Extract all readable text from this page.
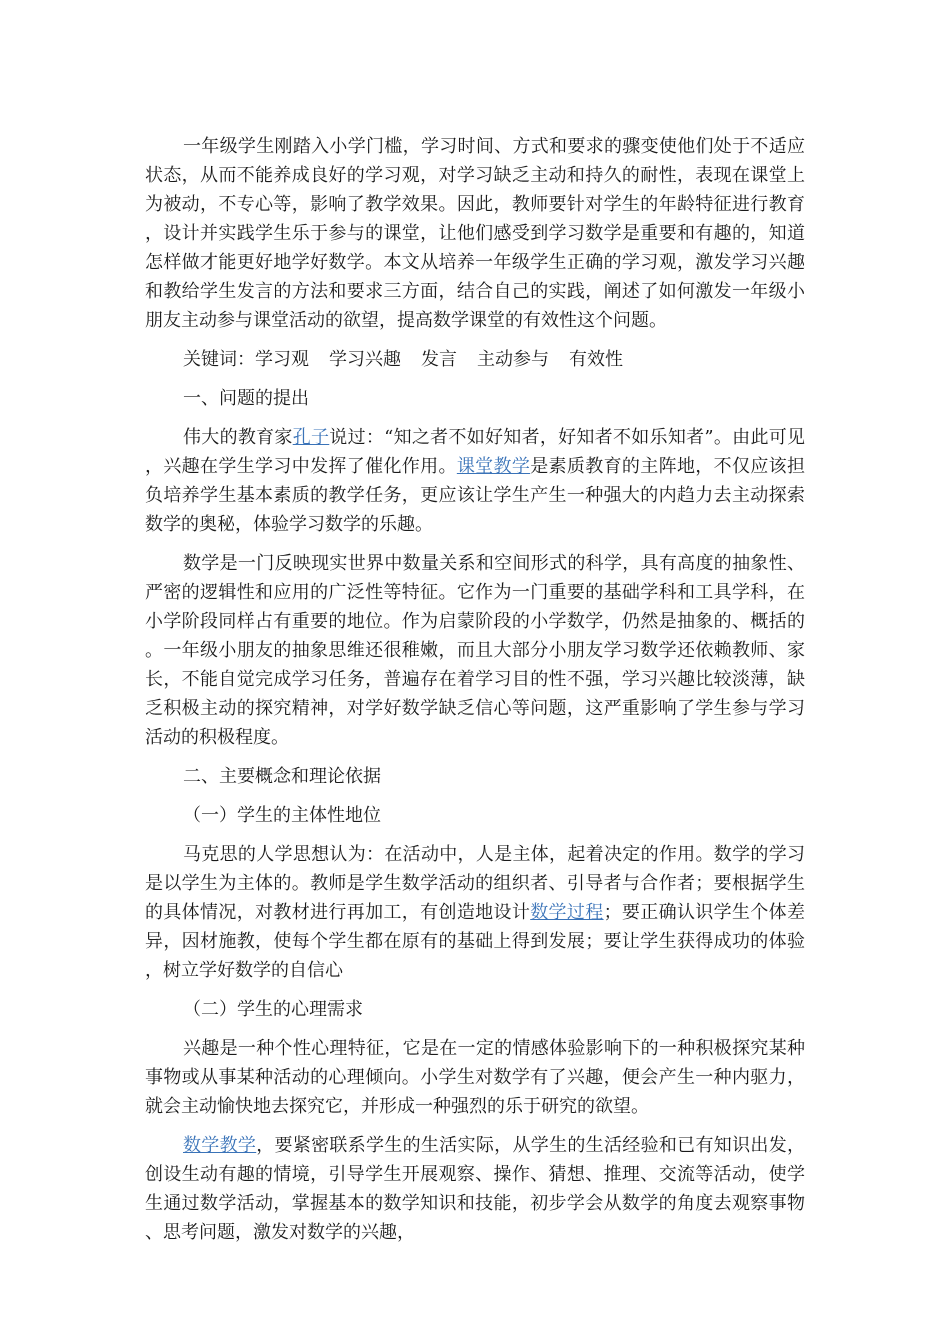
一年级学生刚踏入小学门槛，学习时间、方式和要求的骤变使他们处于不适应状态，从而不能养成良好的学习观，对学习缺乏主动和持久的耐性，表现在课堂上为被动，不专心等，影响了教学效果。因此，教师要针对学生的年龄特征进行教育，设计并实践学生乐于参与的课堂，让他们感受到学习数学是重要和有趣的，知道怎样做才能更好地学好数学。本文从培养一年级学生正确的学习观，激发学习兴趣和教给学生发言的方法和要求三方面，结合自己的实践，阐述了如何激发一年级小朋友主动参与课堂活动的欲望，提高数学课堂的有效性这个问题。

关键词：学习观 学习兴趣 发言 主动参与 有效性

一、问题的提出

伟大的教育家孔子说过：“知之者不如好知者，好知者不如乐知者”。由此可见，兴趣在学生学习中发挥了催化作用。课堂教学是素质教育的主阵地，不仅应该担负培养学生基本素质的教学任务，更应该让学生产生一种强大的内趋力去主动探索数学的奥秘，体验学习数学的乐趣。

数学是一门反映现实世界中数量关系和空间形式的科学，具有高度的抽象性、严密的逻辑性和应用的广泛性等特征。它作为一门重要的基础学科和工具学科，在小学阶段同样占有重要的地位。作为启蒙阶段的小学数学，仍然是抽象的、概括的。一年级小朋友的抽象思维还很稚嫩，而且大部分小朋友学习数学还依赖教师、家长，不能自觉完成学习任务，普遍存在着学习目的性不强，学习兴趣比较淡薄，缺乏积极主动的探究精神，对学好数学缺乏信心等问题，这严重影响了学生参与学习活动的积极程度。

二、主要概念和理论依据

（一）学生的主体性地位

马克思的人学思想认为：在活动中，人是主体，起着决定的作用。数学的学习是以学生为主体的。教师是学生数学活动的组织者、引导者与合作者；要根据学生的具体情况，对教材进行再加工，有创造地设计数学过程；要正确认识学生个体差异，因材施教，使每个学生都在原有的基础上得到发展；要让学生获得成功的体验，树立学好数学的自信心

（二）学生的心理需求

兴趣是一种个性心理特征，它是在一定的情感体验影响下的一种积极探究某种事物或从事某种活动的心理倾向。小学生对数学有了兴趣，便会产生一种内驱力，就会主动愉快地去探究它，并形成一种强烈的乐于研究的欲望。

数学教学，要紧密联系学生的生活实际，从学生的生活经验和已有知识出发，创设生动有趣的情境，引导学生开展观察、操作、猜想、推理、交流等活动，使学生通过数学活动，掌握基本的数学知识和技能，初步学会从数学的角度去观察事物、思考问题，激发对数学的兴趣，
